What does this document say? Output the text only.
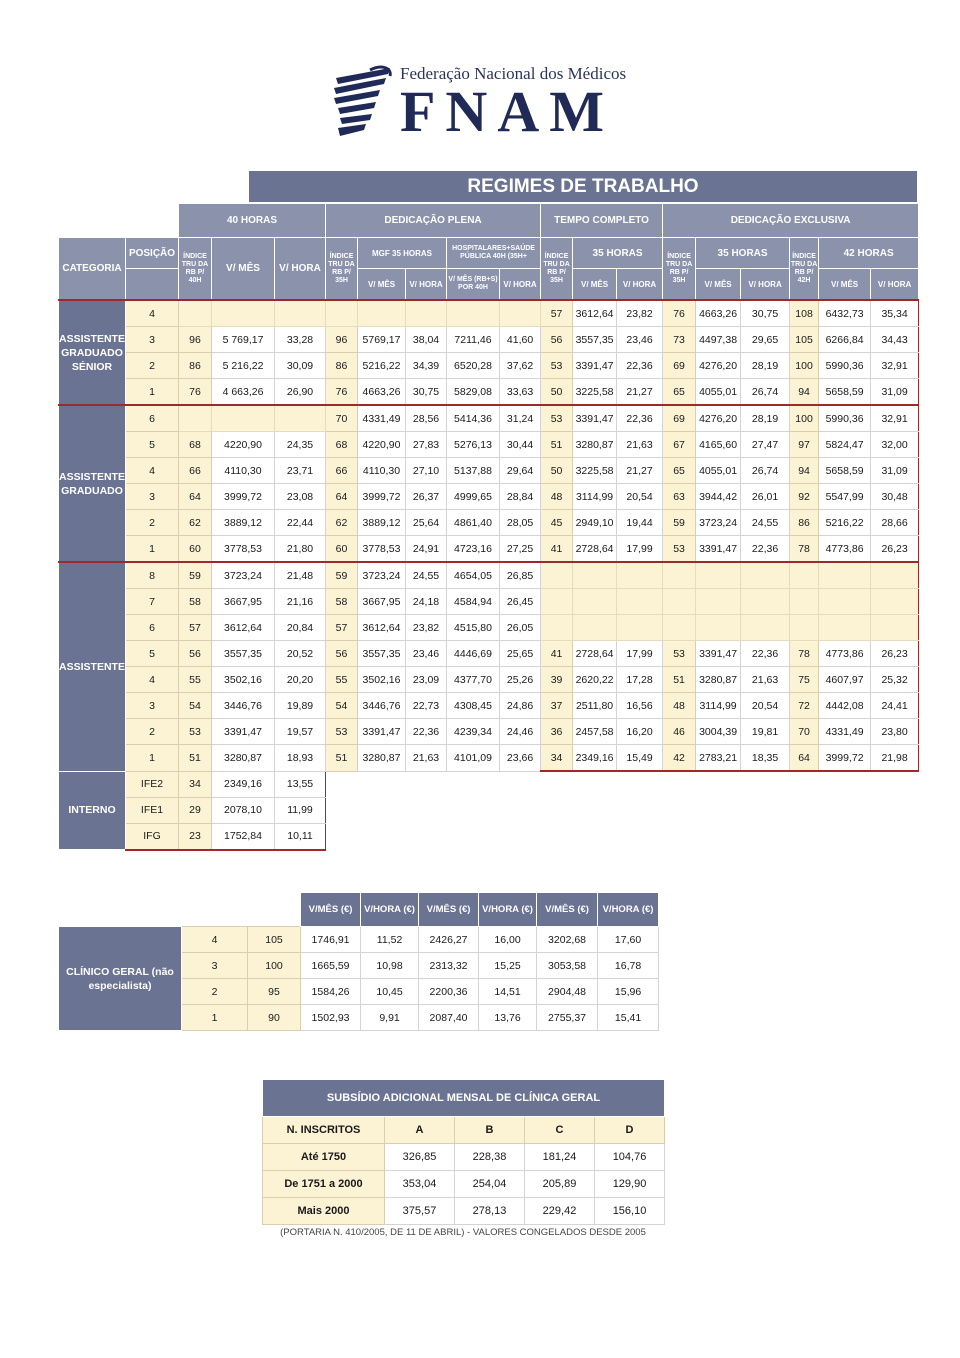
Federação Nacional dos Médicos
FNAM
REGIMES DE TRABALHO
		40 HORAS			DEDICAÇÃO PLENA					TEMPO COMPLETO			DEDICAÇÃO EXCLUSIVA					
CATEGORIA	POSIÇÃO	ÍNDICE TRU DA RB P/ 40H	V/ MÊS	V/ HORA	ÍNDICE TRU DA RB P/ 35H	MGF 35 HORAS		HOSPITALARES+SAÚDE PÚBLICA 40H (35H+		ÍNDICE TRU DA RB P/ 35H	35 HORAS		ÍNDICE TRU DA RB P/ 35H	35 HORAS		ÍNDICE TRU DA RB P/ 42H	42 HORAS	
						V/ MÊS	V/ HORA	V/ MÊS (RB+S) POR 40H	V/ HORA		V/ MÊS	V/ HORA		V/ MÊS	V/ HORA		V/ MÊS	V/ HORA
ASSISTENTE GRADUADO SÉNIOR	4									57	3612,64	23,82	76	4663,26	30,75	108	6432,73	35,34
	3	96	5 769,17	33,28	96	5769,17	38,04	7211,46	41,60	56	3557,35	23,46	73	4497,38	29,65	105	6266,84	34,43
	2	86	5 216,22	30,09	86	5216,22	34,39	6520,28	37,62	53	3391,47	22,36	69	4276,20	28,19	100	5990,36	32,91
	1	76	4 663,26	26,90	76	4663,26	30,75	5829,08	33,63	50	3225,58	21,27	65	4055,01	26,74	94	5658,59	31,09
ASSISTENTE GRADUADO	6				70	4331,49	28,56	5414,36	31,24	53	3391,47	22,36	69	4276,20	28,19	100	5990,36	32,91
	5	68	4220,90	24,35	68	4220,90	27,83	5276,13	30,44	51	3280,87	21,63	67	4165,60	27,47	97	5824,47	32,00
	4	66	4110,30	23,71	66	4110,30	27,10	5137,88	29,64	50	3225,58	21,27	65	4055,01	26,74	94	5658,59	31,09
	3	64	3999,72	23,08	64	3999,72	26,37	4999,65	28,84	48	3114,99	20,54	63	3944,42	26,01	92	5547,99	30,48
	2	62	3889,12	22,44	62	3889,12	25,64	4861,40	28,05	45	2949,10	19,44	59	3723,24	24,55	86	5216,22	28,66
	1	60	3778,53	21,80	60	3778,53	24,91	4723,16	27,25	41	2728,64	17,99	53	3391,47	22,36	78	4773,86	26,23
ASSISTENTE	8	59	3723,24	21,48	59	3723,24	24,55	4654,05	26,85									
	7	58	3667,95	21,16	58	3667,95	24,18	4584,94	26,45									
	6	57	3612,64	20,84	57	3612,64	23,82	4515,80	26,05									
	5	56	3557,35	20,52	56	3557,35	23,46	4446,69	25,65	41	2728,64	17,99	53	3391,47	22,36	78	4773,86	26,23
	4	55	3502,16	20,20	55	3502,16	23,09	4377,70	25,26	39	2620,22	17,28	51	3280,87	21,63	75	4607,97	25,32
	3	54	3446,76	19,89	54	3446,76	22,73	4308,45	24,86	37	2511,80	16,56	48	3114,99	20,54	72	4442,08	24,41
	2	53	3391,47	19,57	53	3391,47	22,36	4239,34	24,46	36	2457,58	16,20	46	3004,39	19,81	70	4331,49	23,80
	1	51	3280,87	18,93	51	3280,87	21,63	4101,09	23,66	34	2349,16	15,49	42	2783,21	18,35	64	3999,72	21,98
INTERNO	IFE2	34	2349,16	13,55														
	IFE1	29	2078,10	11,99														
	IFG	23	1752,84	10,11														
			V/MÊS (€)	V/HORA (€)	V/MÊS (€)	V/HORA (€)	V/MÊS (€)	V/HORA (€)
CLÍNICO GERAL (não especialista)	4	105	1746,91	11,52	2426,27	16,00	3202,68	17,60
	3	100	1665,59	10,98	2313,32	15,25	3053,58	16,78
	2	95	1584,26	10,45	2200,36	14,51	2904,48	15,96
	1	90	1502,93	9,91	2087,40	13,76	2755,37	15,41
SUBSÍDIO ADICIONAL MENSAL DE CLÍNICA GERAL				
N. INSCRITOS	A	B	C	D
Até 1750	326,85	228,38	181,24	104,76
De 1751 a 2000	353,04	254,04	205,89	129,90
Mais 2000	375,57	278,13	229,42	156,10
(PORTARIA N. 410/2005, DE 11 DE ABRIL) - VALORES CONGELADOS DESDE 2005
